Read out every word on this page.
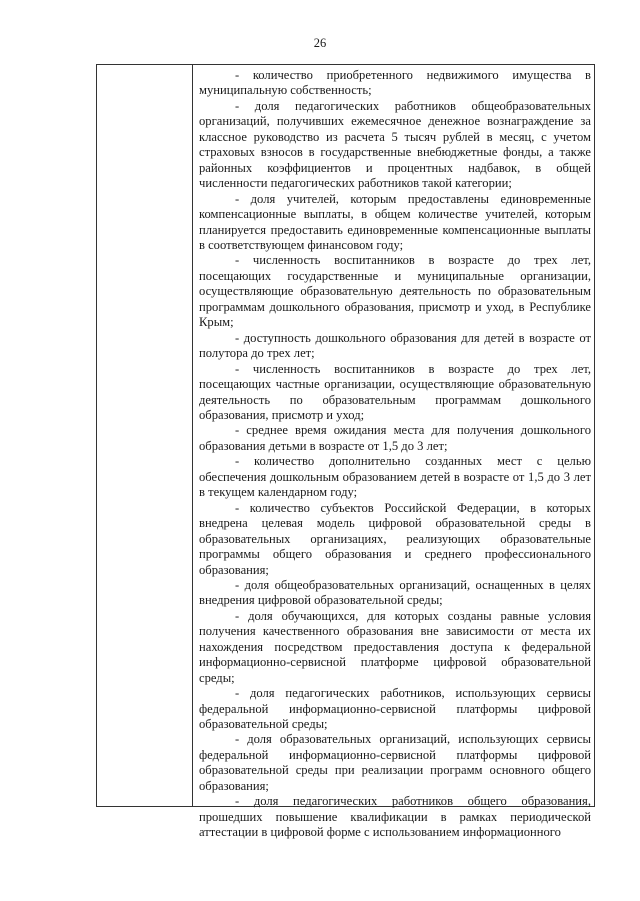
26

- количество приобретенного недвижимого имущества в муниципальную собственность;

- доля педагогических работников общеобразовательных организаций, получивших ежемесячное денежное вознаграждение за классное руководство из расчета 5 тысяч рублей в месяц, с учетом страховых взносов в государственные внебюджетные фонды, а также районных коэффициентов и процентных надбавок, в общей численности педагогических работников такой категории;

- доля учителей, которым предоставлены единовременные компенсационные выплаты, в общем количестве учителей, которым планируется предоставить единовременные компенсационные выплаты в соответствующем финансовом году;

- численность воспитанников в возрасте до трех лет, посещающих государственные и муниципальные организации, осуществляющие образовательную деятельность по образовательным программам дошкольного образования, присмотр и уход, в Республике Крым;

- доступность дошкольного образования для детей в возрасте от полутора до трех лет;

- численность воспитанников в возрасте до трех лет, посещающих частные организации, осуществляющие образовательную деятельность по образовательным программам дошкольного образования, присмотр и уход;

- среднее время ожидания места для получения дошкольного образования детьми в возрасте от 1,5 до 3 лет;

- количество дополнительно созданных мест с целью обеспечения дошкольным образованием детей в возрасте от 1,5 до 3 лет в текущем календарном году;

- количество субъектов Российской Федерации, в которых внедрена целевая модель цифровой образовательной среды в образовательных организациях, реализующих образовательные программы общего образования и среднего профессионального образования;

- доля общеобразовательных организаций, оснащенных в целях внедрения цифровой образовательной среды;

- доля обучающихся, для которых созданы равные условия получения качественного образования вне зависимости от места их нахождения посредством предоставления доступа к федеральной информационно-сервисной платформе цифровой образовательной среды;

- доля педагогических работников, использующих сервисы федеральной информационно-сервисной платформы цифровой образовательной среды;

- доля образовательных организаций, использующих сервисы федеральной информационно-сервисной платформы цифровой образовательной среды при реализации программ основного общего образования;

- доля педагогических работников общего образования, прошедших повышение квалификации в рамках периодической аттестации в цифровой форме с использованием информационного
